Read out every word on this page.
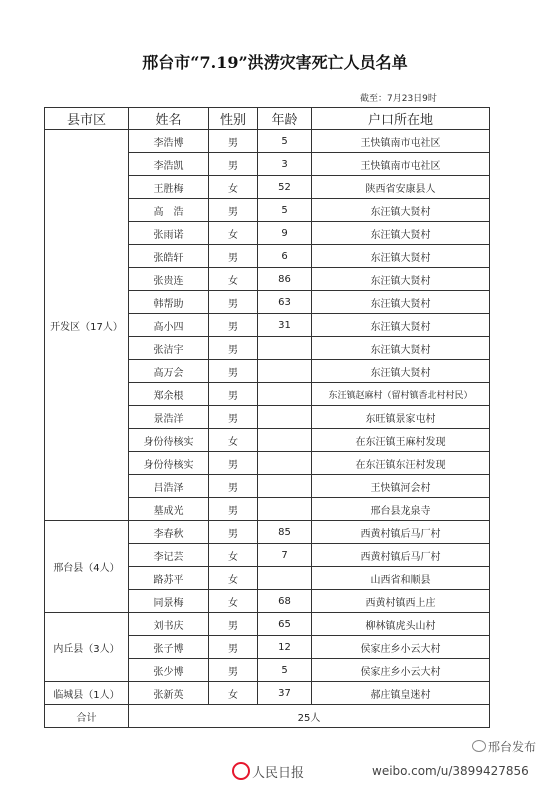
邢台市“7.19”洪涝灾害死亡人员名单
截至：7月23日9时
县市区	姓名	性别	年龄	户口所在地
开发区（17人）	李浩博	男	5	王快镇南市屯社区
	李浩凯	男	3	王快镇南市屯社区
	王胜梅	女	52	陕西省安康县人
	高　浩	男	5	东汪镇大贤村
	张雨诺	女	9	东汪镇大贤村
	张皓轩	男	6	东汪镇大贤村
	张贵连	女	86	东汪镇大贤村
	韩帮助	男	63	东汪镇大贤村
	高小四	男	31	东汪镇大贤村
	张洁宇	男		东汪镇大贤村
	高万会	男		东汪镇大贤村
	郑余根	男		东汪镇赵麻村（留村镇香北村村民）
	景浩洋	男		东旺镇景家屯村
	身份待核实	女		在东汪镇王麻村发现
	身份待核实	男		在东汪镇东汪村发现
	吕浩泽	男		王快镇河会村
	墓成光	男		邢台县龙泉寺
邢台县（4人）	李春秋	男	85	西黄村镇后马厂村
	李记芸	女	7	西黄村镇后马厂村
	路苏平	女		山西省和顺县
	同景梅	女	68	西黄村镇西上庄
内丘县（3人）	刘书庆	男	65	柳林镇虎头山村
	张子博	男	12	侯家庄乡小云大村
	张少博	男	5	侯家庄乡小云大村
临城县（1人）	张新英	女	37	郝庄镇皇迷村
合计	25人			
邢台发布
人民日报	weibo.com/u/3899427856
